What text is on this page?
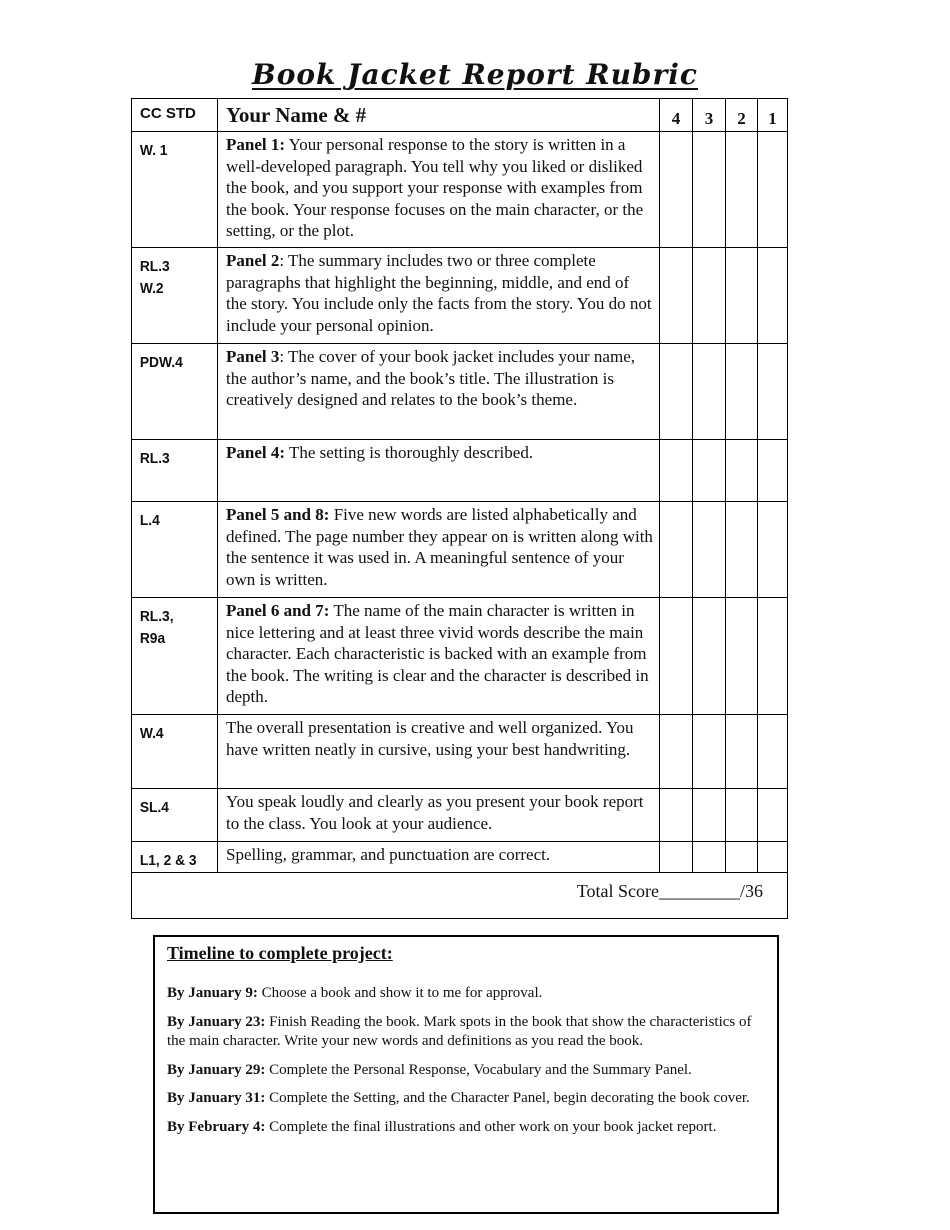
Book Jacket Report Rubric
CC STD	Your Name & #	4	3	2	1

W. 1	Panel 1: Your personal response to the story is written in a well-developed paragraph. You tell why you liked or disliked the book, and you support your response with examples from the book. Your response focuses on the main character, or the setting, or the plot.				

RL.3
W.2	Panel 2: The summary includes two or three complete paragraphs that highlight the beginning, middle, and end of the story. You include only the facts from the story. You do not include your personal opinion.				

PDW.4	Panel 3: The cover of your book jacket includes your name, the author’s name, and the book’s title. The illustration is creatively designed and relates to the book’s theme.				

RL.3	Panel 4: The setting is thoroughly described.				

L.4	Panel 5 and 8: Five new words are listed alphabetically and defined. The page number they appear on is written along with the sentence it was used in. A meaningful sentence of your own is written.				

RL.3,
R9a	Panel 6 and 7: The name of the main character is written in nice lettering and at least three vivid words describe the main character. Each characteristic is backed with an example from the book. The writing is clear and the character is described in depth.				

W.4	The overall presentation is creative and well organized. You have written neatly in cursive, using your best handwriting.				

SL.4	You speak loudly and clearly as you present your book report to the class. You look at your audience.				

L1, 2 & 3	Spelling, grammar, and punctuation are correct.				
Total Score_________/36					
Timeline to complete project:
By January 9: Choose a book and show it to me for approval.
By January 23: Finish Reading the book. Mark spots in the book that show the characteristics of the main character. Write your new words and definitions as you read the book.
By January 29: Complete the Personal Response, Vocabulary and the Summary Panel.
By January 31: Complete the Setting, and the Character Panel, begin decorating the book cover.
By February 4: Complete the final illustrations and other work on your book jacket report.
